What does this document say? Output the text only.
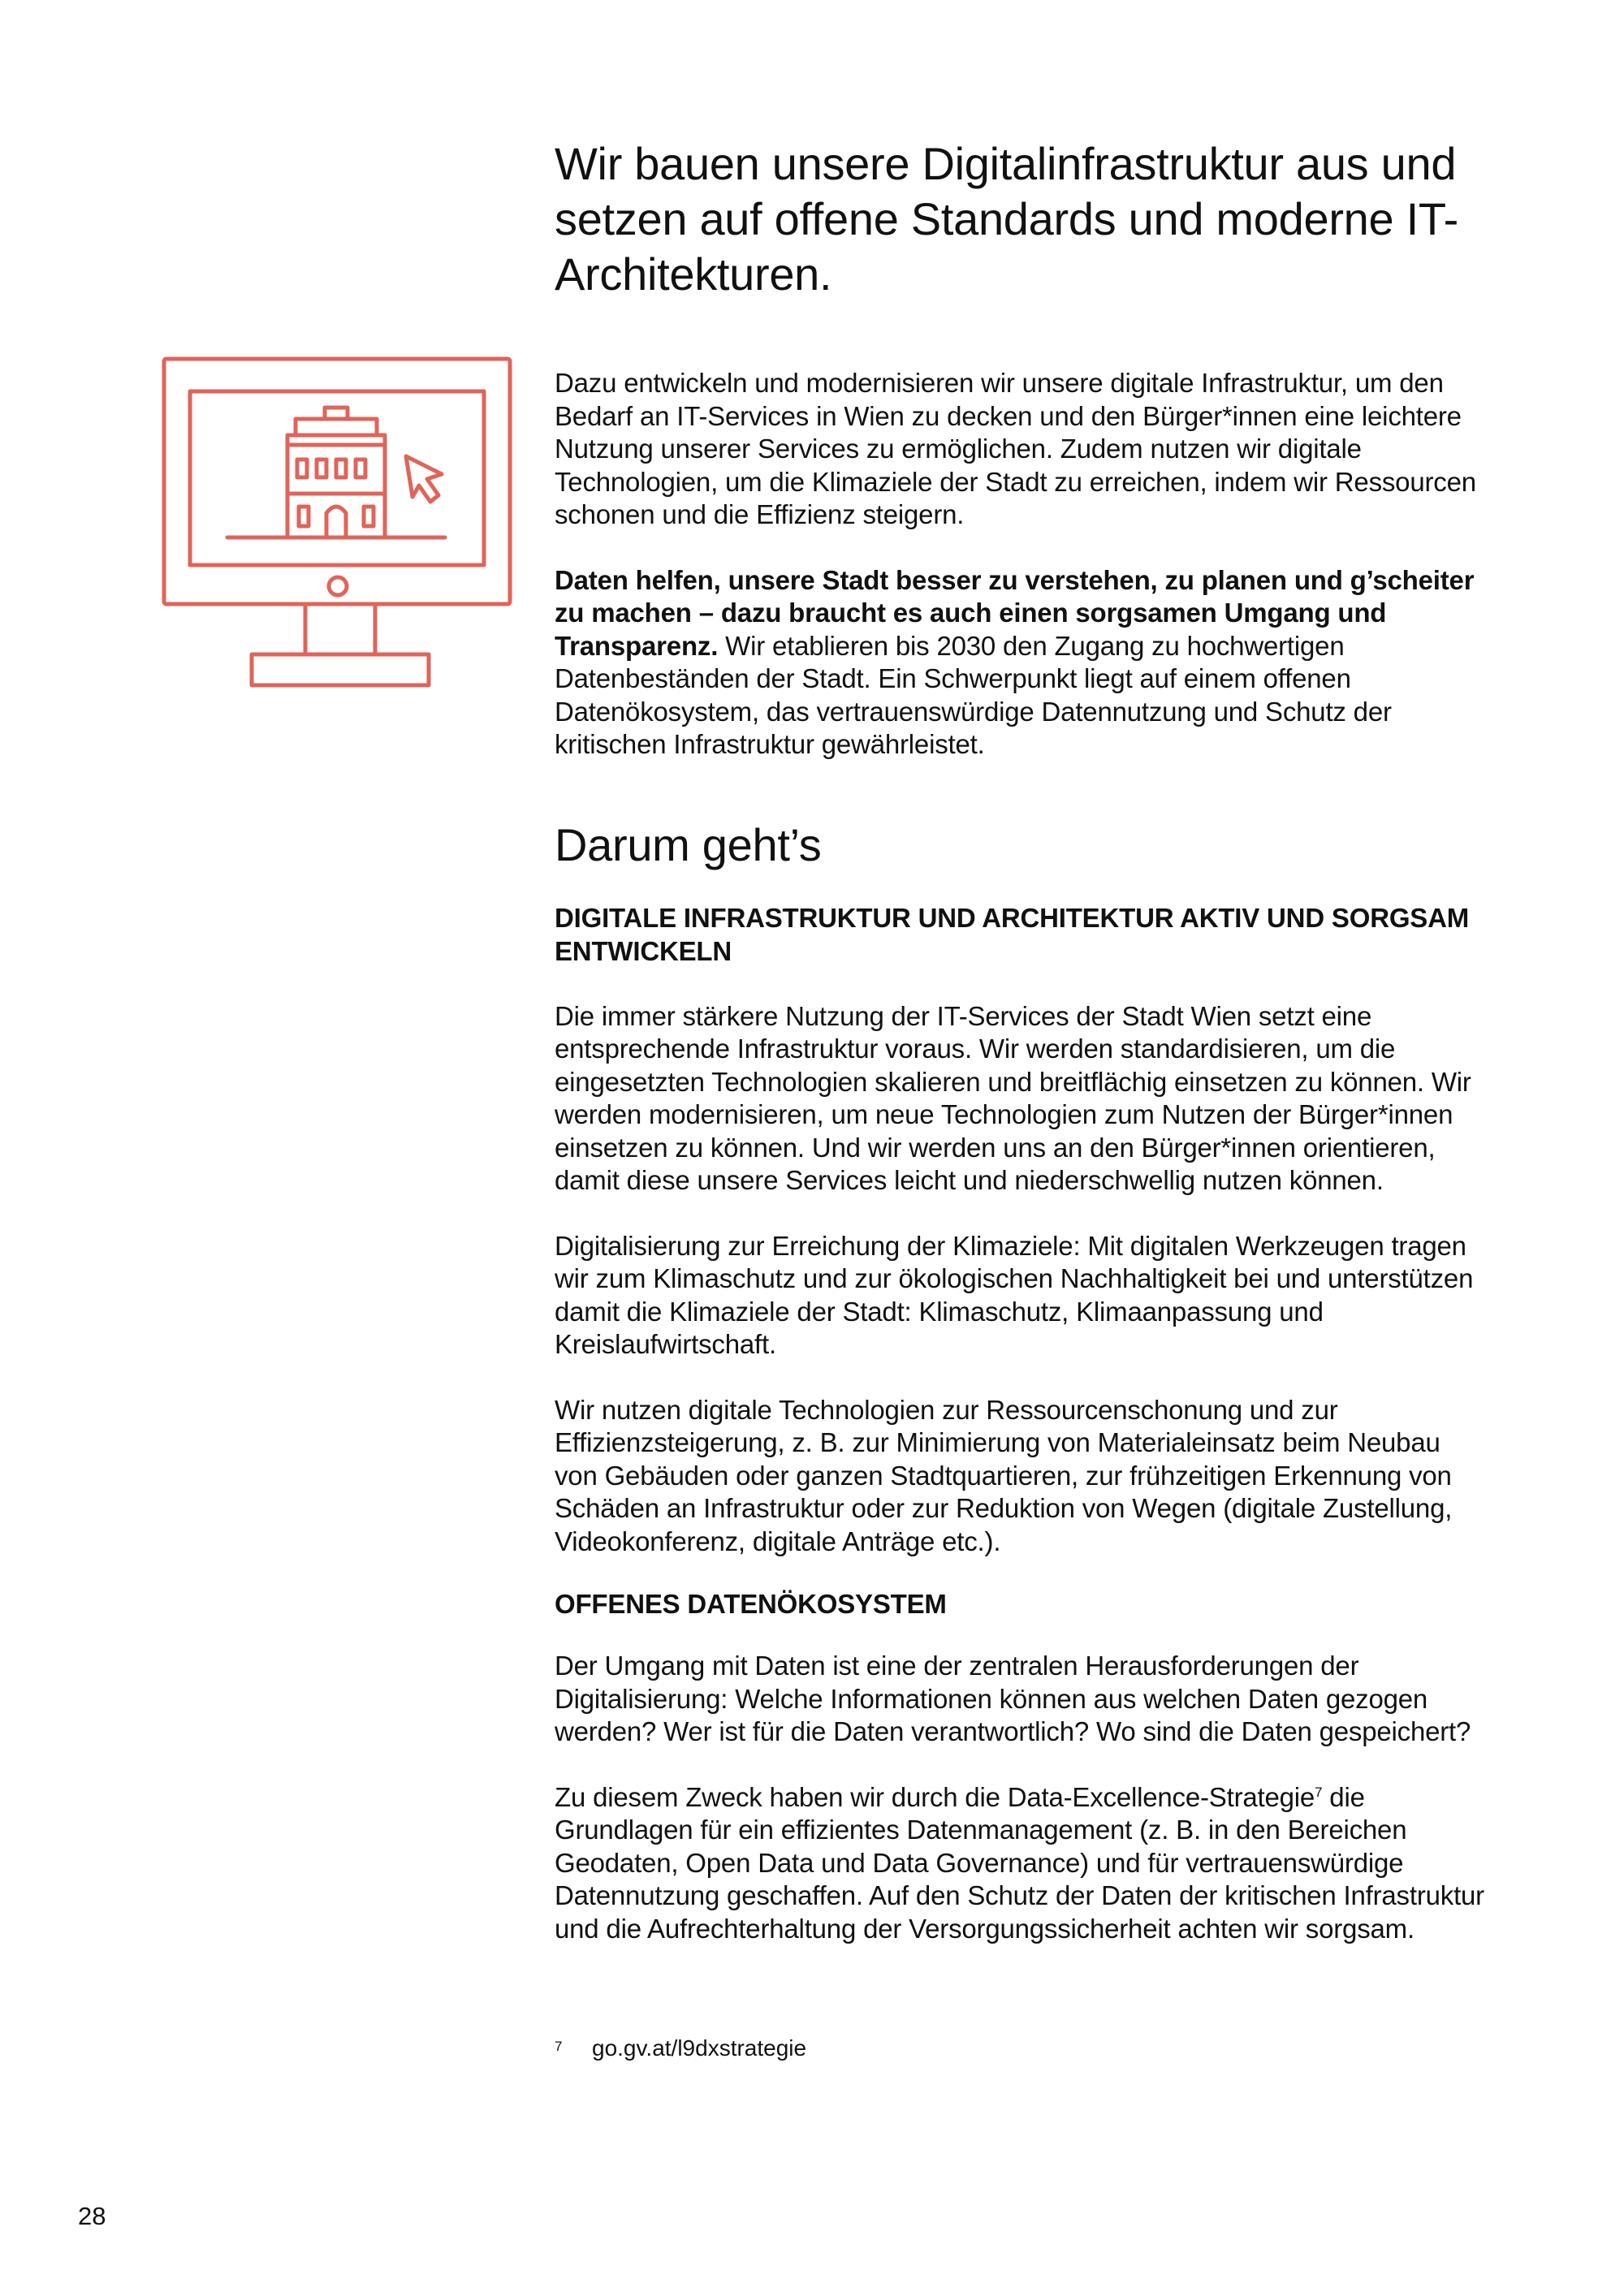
Wir bauen unsere Digitalinfrastruktur aus und setzen auf offene Standards und moderne IT-Architekturen.

Dazu entwickeln und modernisieren wir unsere digitale Infrastruktur, um den Bedarf an IT-Services in Wien zu decken und den Bürger*innen eine leichtere Nutzung unserer Services zu ermöglichen. Zudem nutzen wir digitale Technologien, um die Klimaziele der Stadt zu erreichen, indem wir Ressourcen schonen und die Effizienz steigern.

Daten helfen, unsere Stadt besser zu verstehen, zu planen und g’scheiter zu machen – dazu braucht es auch einen sorgsamen Umgang und Transparenz. Wir etablieren bis 2030 den Zugang zu hochwertigen Datenbeständen der Stadt. Ein Schwerpunkt liegt auf einem offenen Datenökosystem, das vertrauenswürdige Datennutzung und Schutz der kritischen Infrastruktur gewährleistet.

Darum geht’s
DIGITALE INFRASTRUKTUR UND ARCHITEKTUR AKTIV UND SORGSAM ENTWICKELN

Die immer stärkere Nutzung der IT-Services der Stadt Wien setzt eine entsprechende Infrastruktur voraus. Wir werden standardisieren, um die eingesetzten Technologien skalieren und breitflächig einsetzen zu können. Wir werden modernisieren, um neue Technologien zum Nutzen der Bürger*innen einsetzen zu können. Und wir werden uns an den Bürger*innen orientieren, damit diese unsere Services leicht und niederschwellig nutzen können.

Digitalisierung zur Erreichung der Klimaziele: Mit digitalen Werkzeugen tragen wir zum Klimaschutz und zur ökologischen Nachhaltigkeit bei und unterstützen damit die Klimaziele der Stadt: Klimaschutz, Klimaanpassung und Kreislaufwirtschaft.

Wir nutzen digitale Technologien zur Ressourcenschonung und zur Effizienzsteigerung, z. B. zur Minimierung von Materialeinsatz beim Neubau von Gebäuden oder ganzen Stadtquartieren, zur frühzeitigen Erkennung von Schäden an Infrastruktur oder zur Reduktion von Wegen (digitale Zustellung, Videokonferenz, digitale Anträge etc.).

OFFENES DATENÖKOSYSTEM

Der Umgang mit Daten ist eine der zentralen Herausforderungen der Digitalisierung: Welche Informationen können aus welchen Daten gezogen werden? Wer ist für die Daten verantwortlich? Wo sind die Daten gespeichert?

Zu diesem Zweck haben wir durch die Data-Excellence-Strategie$^7$ die Grundlagen für ein effizientes Datenmanagement (z. B. in den Bereichen Geodaten, Open Data und Data Governance) und für vertrauenswürdige Datennutzung geschaffen. Auf den Schutz der Daten der kritischen Infrastruktur und die Aufrechterhaltung der Versorgungssicherheit achten wir sorgsam.

7 go.gv.at/l9dxstrategie
28
